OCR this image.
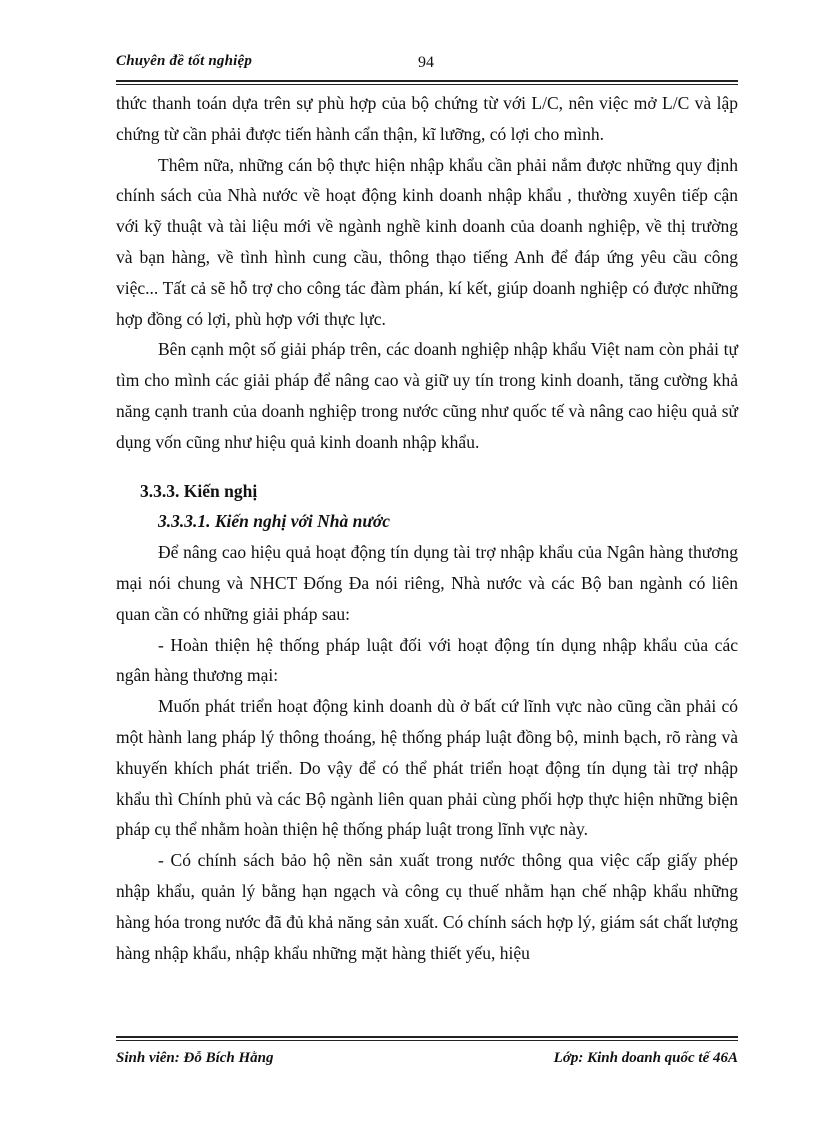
Chuyên đề tốt nghiệp	94

thức thanh toán dựa trên sự phù hợp của bộ chứng từ với L/C, nên việc mở L/C và lập chứng từ cần phải được tiến hành cẩn thận, kĩ lưỡng, có lợi cho mình.

Thêm nữa, những cán bộ thực hiện nhập khẩu cần phải nắm được những quy định chính sách của Nhà nước về hoạt động kinh doanh nhập khẩu , thường xuyên tiếp cận với kỹ thuật và tài liệu mới về ngành nghề kinh doanh của doanh nghiệp, về thị trường và bạn hàng, về tình hình cung cầu, thông thạo tiếng Anh để đáp ứng yêu cầu công việc... Tất cả sẽ hỗ trợ cho công tác đàm phán, kí kết, giúp doanh nghiệp có được những hợp đồng có lợi, phù hợp với thực lực.

Bên cạnh một số giải pháp trên, các doanh nghiệp nhập khẩu Việt nam còn phải tự tìm cho mình các giải pháp để nâng cao và giữ uy tín trong kinh doanh, tăng cường khả năng cạnh tranh của doanh nghiệp trong nước cũng như quốc tế và nâng cao hiệu quả sử dụng vốn cũng như hiệu quả kinh doanh nhập khẩu.

3.3.3. Kiến nghị

3.3.3.1. Kiến nghị với Nhà nước

Để nâng cao hiệu quả hoạt động tín dụng tài trợ nhập khẩu của Ngân hàng thương mại nói chung và NHCT Đống Đa nói riêng, Nhà nước và các Bộ ban ngành có liên quan cần có những giải pháp sau:

- Hoàn thiện hệ thống pháp luật đối với hoạt động tín dụng nhập khẩu của các ngân hàng thương mại:

Muốn phát triển hoạt động kinh doanh dù ở bất cứ lĩnh vực nào cũng cần phải có một hành lang pháp lý thông thoáng, hệ thống pháp luật đồng bộ, minh bạch, rõ ràng và khuyến khích phát triển. Do vậy để có thể phát triển hoạt động tín dụng tài trợ nhập khẩu thì Chính phủ và các Bộ ngành liên quan phải cùng phối hợp thực hiện những biện pháp cụ thể nhằm hoàn thiện hệ thống pháp luật trong lĩnh vực này.

- Có chính sách bảo hộ nền sản xuất trong nước thông qua việc cấp giấy phép nhập khẩu, quản lý bằng hạn ngạch và công cụ thuế nhằm hạn chế nhập khẩu những hàng hóa trong nước đã đủ khả năng sản xuất. Có chính sách hợp lý, giám sát chất lượng hàng nhập khẩu, nhập khẩu những mặt hàng thiết yếu, hiệu

Sinh viên: Đỗ Bích Hằng	Lớp: Kinh doanh quốc tế 46A
